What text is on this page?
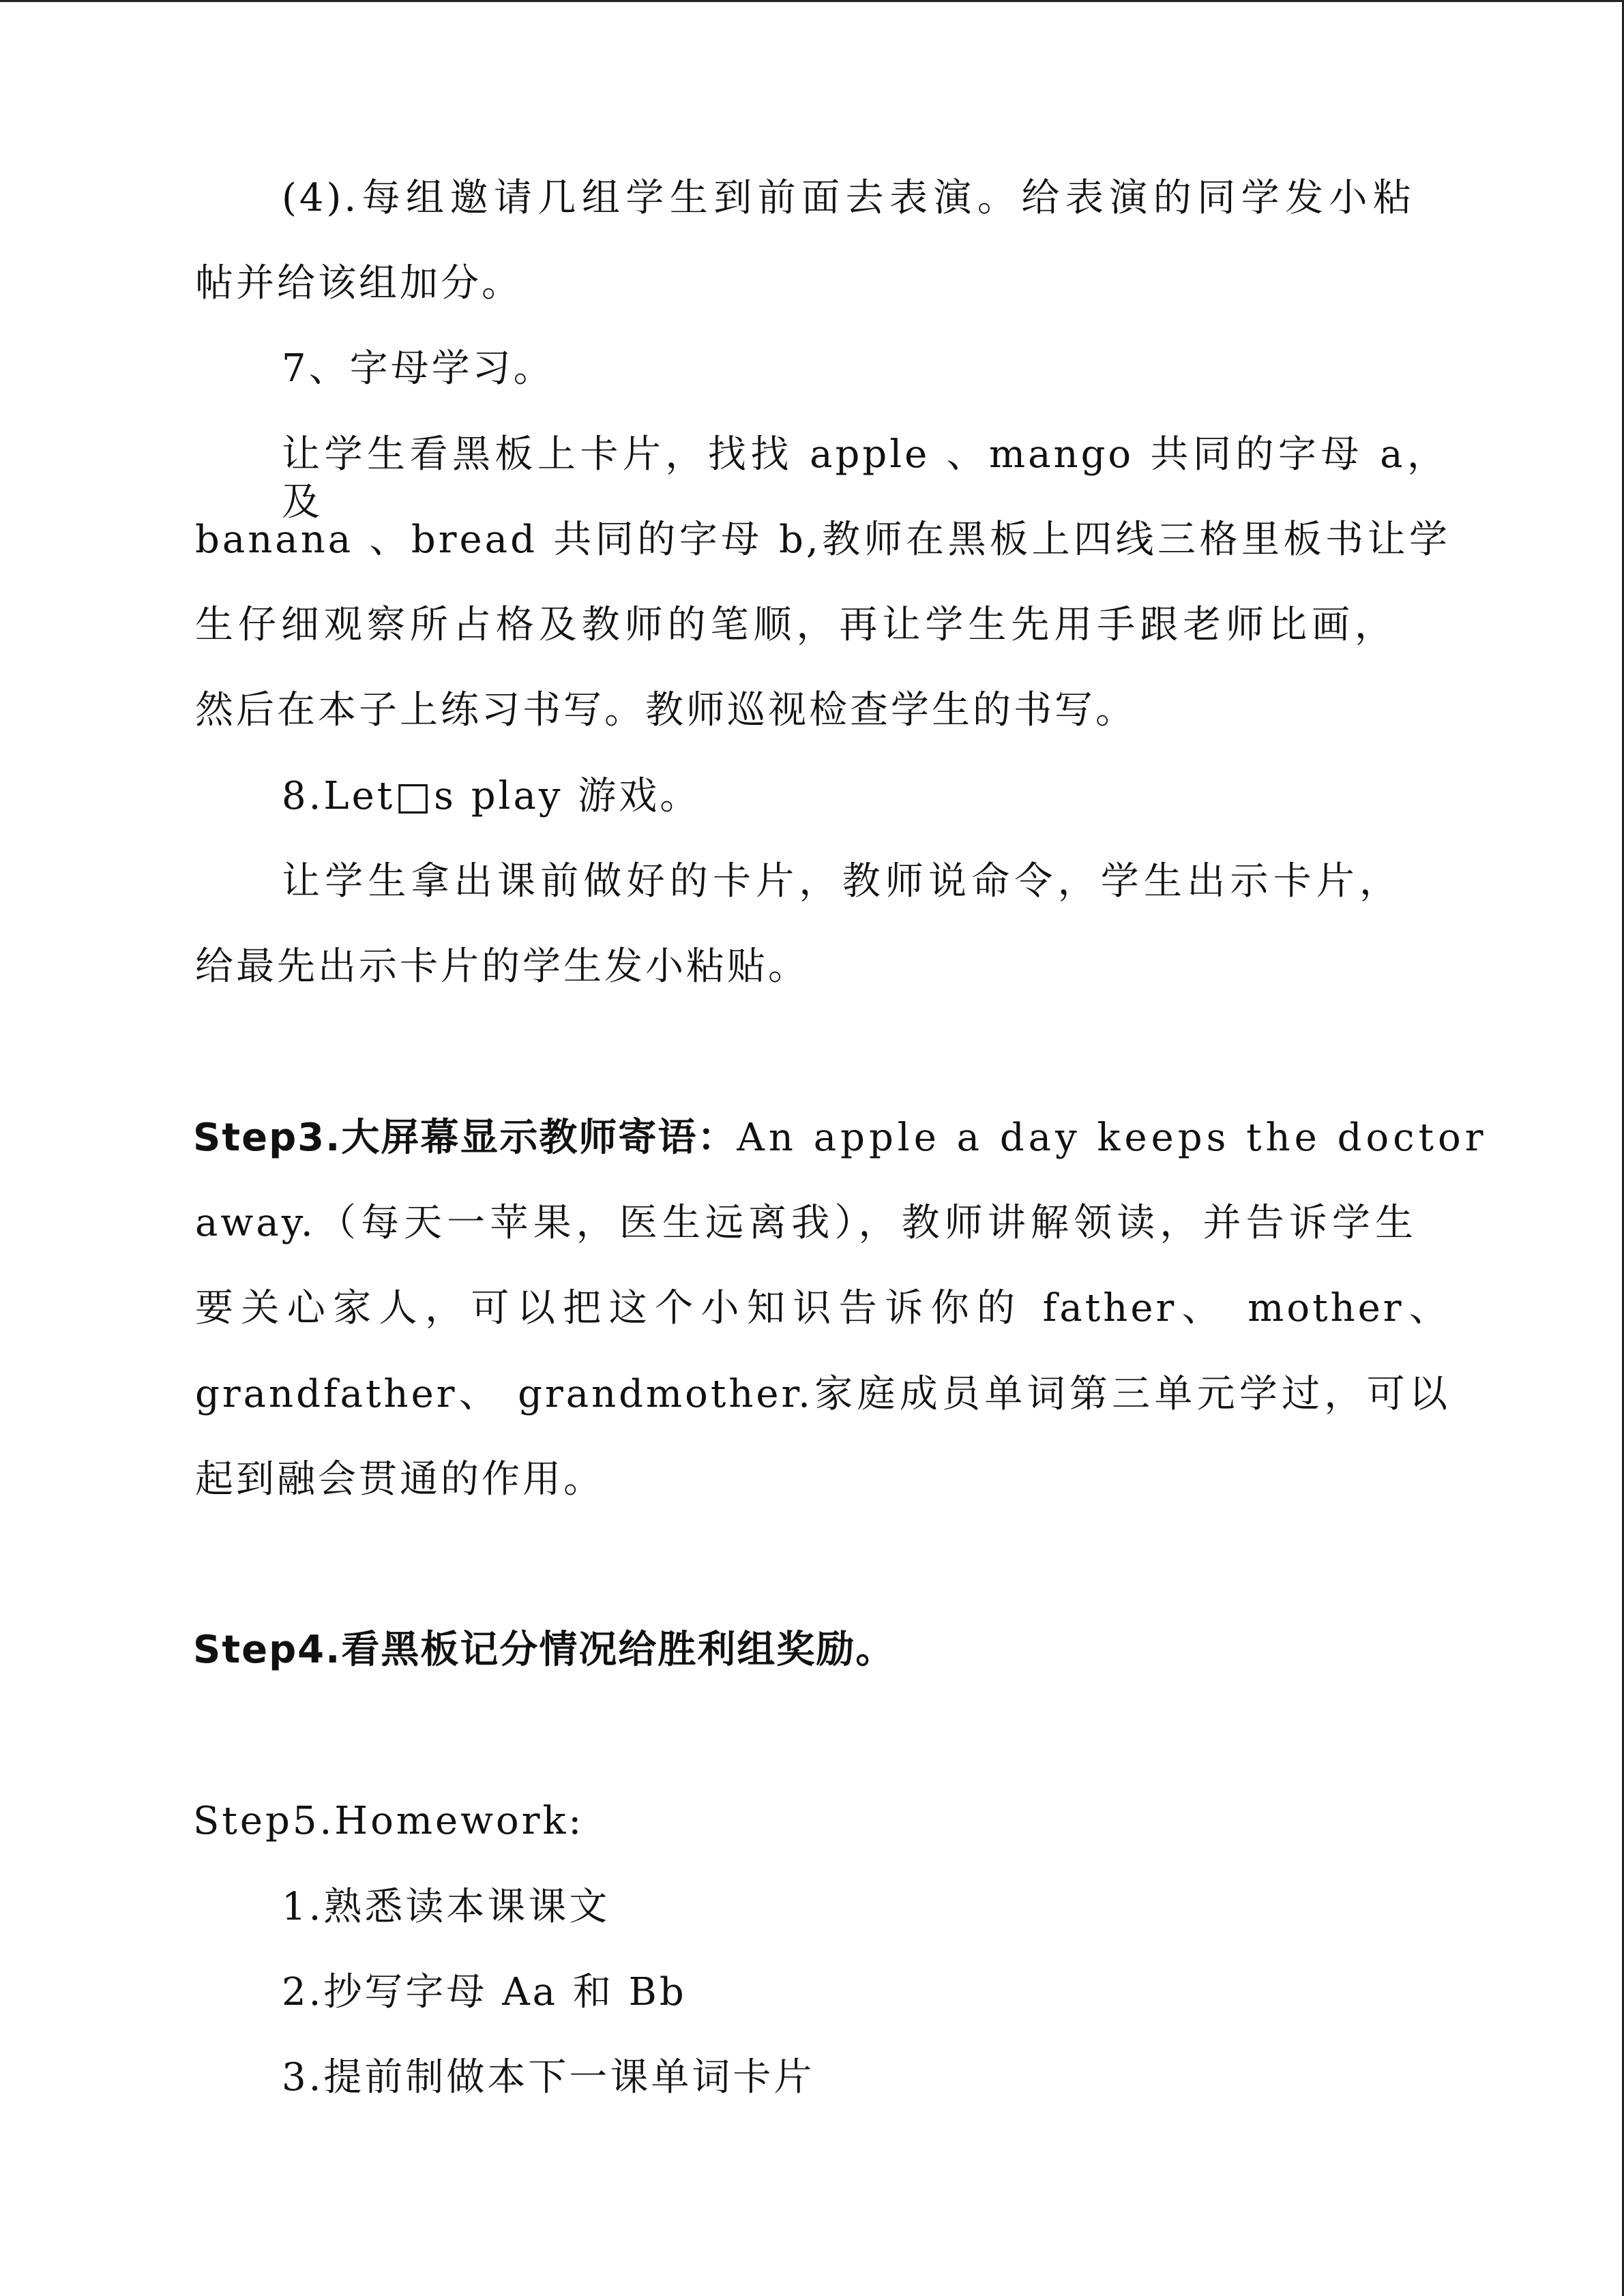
(4).每组邀请几组学生到前面去表演。给表演的同学发小粘
帖并给该组加分。
7、字母学习。
让学生看黑板上卡片，找找 apple 、mango 共同的字母 a，及
banana 、bread 共同的字母 b,教师在黑板上四线三格里板书让学
生仔细观察所占格及教师的笔顺，再让学生先用手跟老师比画，
然后在本子上练习书写。教师巡视检查学生的书写。
8.Let□s play 游戏。
让学生拿出课前做好的卡片，教师说命令，学生出示卡片，
给最先出示卡片的学生发小粘贴。
Step3.大屏幕显示教师寄语： An apple a day keeps the doctor
away.（每天一苹果，医生远离我），教师讲解领读，并告诉学生
要关心家人，可以把这个小知识告诉你的 father、 mother、
grandfather、 grandmother.家庭成员单词第三单元学过，可以
起到融会贯通的作用。
Step4.看黑板记分情况给胜利组奖励。
Step5.Homework:
1.熟悉读本课课文
2.抄写字母 Aa 和 Bb
3.提前制做本下一课单词卡片
